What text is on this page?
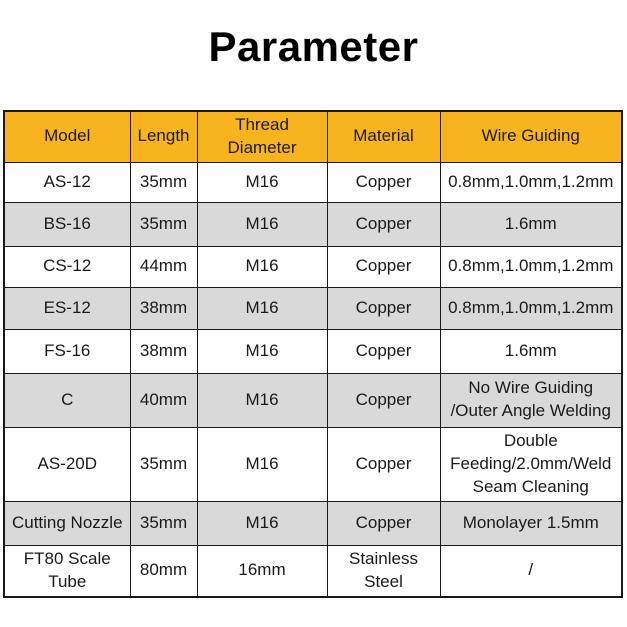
Parameter
Model	Length	Thread Diameter	Material	Wire Guiding
AS-12	35mm	M16	Copper	0.8mm,1.0mm,1.2mm
BS-16	35mm	M16	Copper	1.6mm
CS-12	44mm	M16	Copper	0.8mm,1.0mm,1.2mm
ES-12	38mm	M16	Copper	0.8mm,1.0mm,1.2mm
FS-16	38mm	M16	Copper	1.6mm
C	40mm	M16	Copper	No Wire Guiding /Outer Angle Welding
AS-20D	35mm	M16	Copper	Double Feeding/2.0mm/Weld Seam Cleaning
Cutting Nozzle	35mm	M16	Copper	Monolayer 1.5mm
FT80 Scale Tube	80mm	16mm	Stainless Steel	/
